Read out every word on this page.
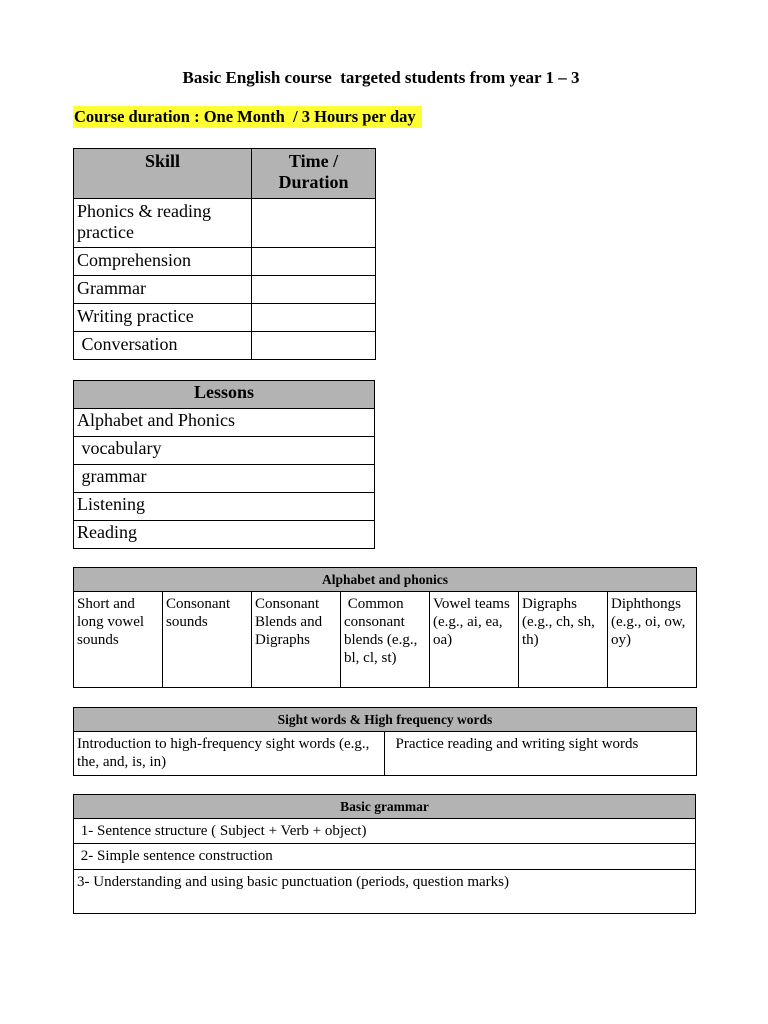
Basic English course  targeted students from year 1 – 3
Course duration : One Month  / 3 Hours per day
Skill	Time / Duration
Phonics & reading practice	
Comprehension	
Grammar	
Writing practice	
Conversation	
Lessons
Alphabet and Phonics
vocabulary
grammar
Listening
Reading
Alphabet and phonics
Short and long vowel sounds	Consonant sounds	Consonant Blends and Digraphs	Common consonant blends (e.g., bl, cl, st)	Vowel teams (e.g., ai, ea, oa)	Digraphs (e.g., ch, sh, th)	Diphthongs (e.g., oi, ow, oy)
Sight words & High frequency words
Introduction to high-frequency sight words (e.g., the, and, is, in)	Practice reading and writing sight words
Basic grammar
1- Sentence structure ( Subject + Verb + object)
2- Simple sentence construction
3- Understanding and using basic punctuation (periods, question marks)
